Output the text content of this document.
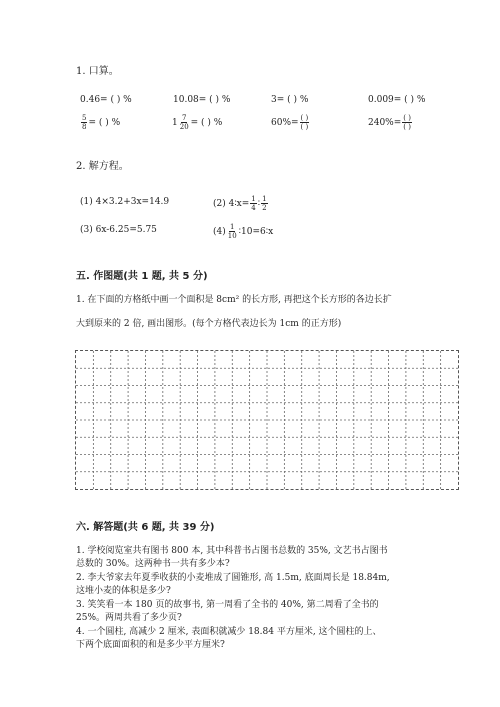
1. 口算。
0.46= ( ) %	10.08= ( ) %	3= ( ) %	0.009= ( ) %
$\frac{5}{8}$ = ( ) %	$1 \frac{7}{20}$ = ( ) %	$60\%= \frac{( )}{( )}$	$240\%= \frac{( )}{( )}$
2. 解方程。
(1) 4×3.2+3x=14.9	(2) 4∶x= $\frac{1}{4}$ ∶ $\frac{1}{2}$
(3) 6x-6.25=5.75	$(4) \frac{1}{10}$ ∶10=6∶x
五. 作图题(共 1 题, 共 5 分)
1. 在下面的方格纸中画一个面积是 8cm² 的长方形, 再把这个长方形的各边长扩
大到原来的 2 倍, 画出图形。(每个方格代表边长为 1cm 的正方形)
六. 解答题(共 6 题, 共 39 分)
1. 学校阅览室共有图书 800 本, 其中科普书占图书总数的 35%, 文艺书占图书
总数的 30%。这两种书一共有多少本?
2. 李大爷家去年夏季收获的小麦堆成了圆锥形, 高 1.5m, 底面周长是 18.84m,
这堆小麦的体积是多少?
3. 笑笑看一本 180 页的故事书, 第一周看了全书的 40%, 第二周看了全书的
25%。两周共看了多少页?
4. 一个圆柱, 高减少 2 厘米, 表面积就减少 18.84 平方厘米, 这个圆柱的上、
下两个底面面积的和是多少平方厘米?
